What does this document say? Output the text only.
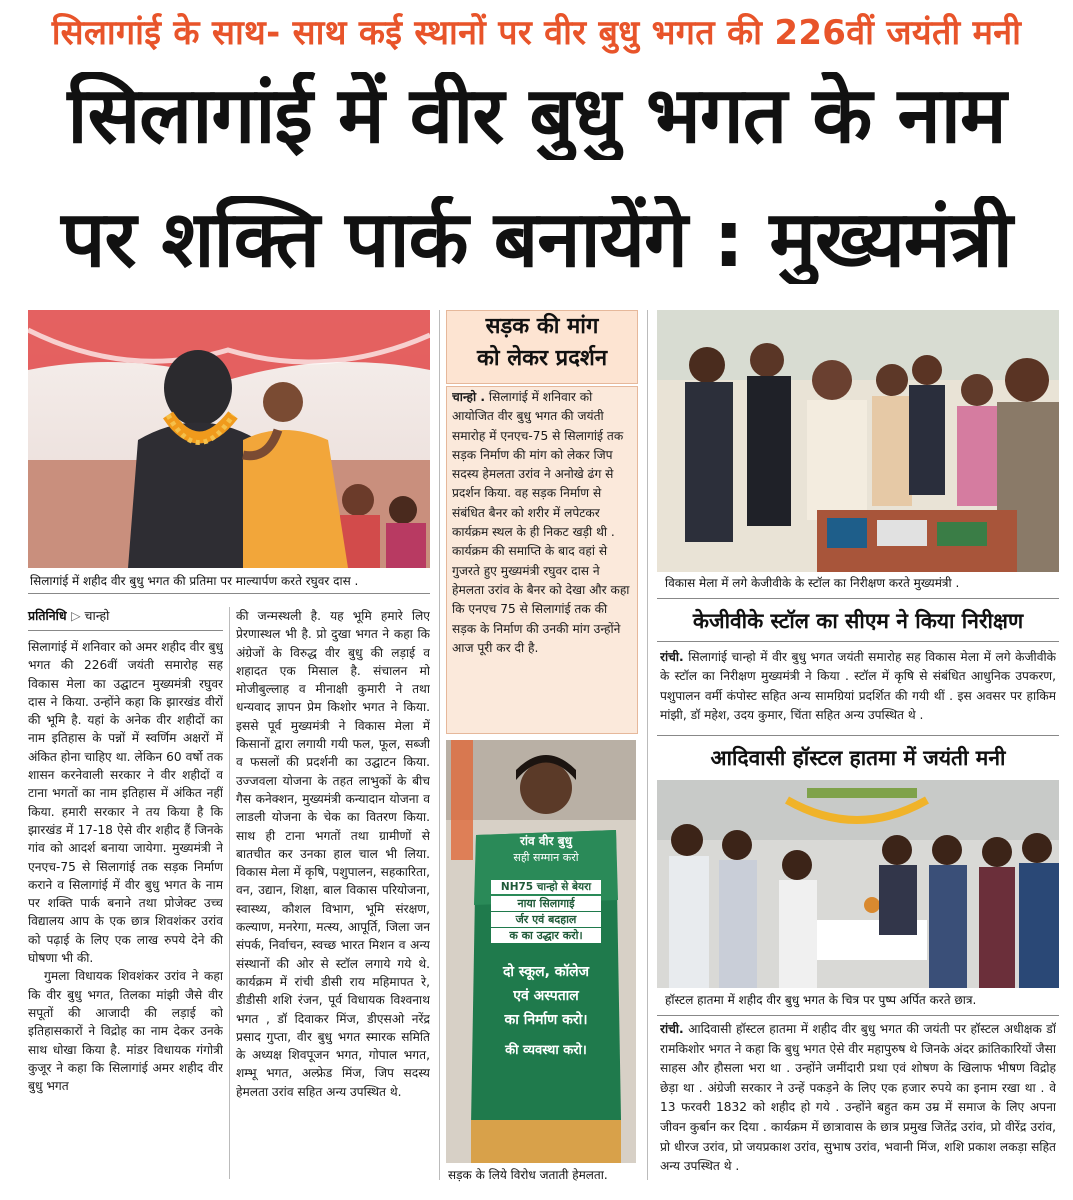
सिलागांई के साथ- साथ कई स्थानों पर वीर बुधु भगत की 226वीं जयंती मनी
सिलागांई में वीर बुधु भगत के नाम
पर शक्ति पार्क बनायेंगे : मुख्यमंत्री
सिलागांई में शहीद वीर बुधु भगत की प्रतिमा पर माल्यार्पण करते रघुवर दास .
प्रतिनिधि ▷ चान्हो

सिलागांई में शनिवार को अमर शहीद वीर बुधु भगत की 226वीं जयंती समारोह सह विकास मेला का उद्घाटन मुख्यमंत्री रघुवर दास ने किया. उन्होंने कहा कि झारखंड वीरों की भूमि है. यहां के अनेक वीर शहीदों का नाम इतिहास के पन्नों में स्वर्णिम अक्षरों में अंकित होना चाहिए था. लेकिन 60 वर्षो तक शासन करनेवाली सरकार ने वीर शहीदों व टाना भगतों का नाम इतिहास में अंकित नहीं किया. हमारी सरकार ने तय किया है कि झारखंड में 17-18 ऐसे वीर शहीद हैं जिनके गांव को आदर्श बनाया जायेगा. मुख्यमंत्री ने एनएच-75 से सिलागांई तक सड़क निर्माण कराने व सिलागांई में वीर बुधु भगत के नाम पर शक्ति पार्क बनाने तथा प्रोजेक्ट उच्च विद्यालय आप के एक छात्र शिवशंकर उरांव को पढ़ाई के लिए एक लाख रुपये देने की घोषणा भी की.

गुमला विधायक शिवशंकर उरांव ने कहा कि वीर बुधु भगत, तिलका मांझी जैसे वीर सपूतों की आजादी की लड़ाई को इतिहासकारों ने विद्रोह का नाम देकर उनके साथ धोखा किया है. मांडर विधायक गंगोत्री कुजूर ने कहा कि सिलागांई अमर शहीद वीर बुधु भगत

की जन्मस्थली है. यह भूमि हमारे लिए प्रेरणास्थल भी है. प्रो दुखा भगत ने कहा कि अंग्रेजों के विरुद्ध वीर बुधु की लड़ाई व शहादत एक मिसाल है. संचालन मो मोजीबुल्लाह व मीनाक्षी कुमारी ने तथा धन्यवाद ज्ञापन प्रेम किशोर भगत ने किया. इससे पूर्व मुख्यमंत्री ने विकास मेला में किसानों द्वारा लगायी गयी फल, फूल, सब्जी व फसलों की प्रदर्शनी का उद्घाटन किया. उज्जवला योजना के तहत लाभुकों के बीच गैस कनेक्शन, मुख्यमंत्री कन्यादान योजना व लाडली योजना के चेक का वितरण किया. साथ ही टाना भगतों तथा ग्रामीणों से बातचीत कर उनका हाल चाल भी लिया. विकास मेला में कृषि, पशुपालन, सहकारिता, वन, उद्यान, शिक्षा, बाल विकास परियोजना, स्वास्थ्य, कौशल विभाग, भूमि संरक्षण, कल्याण, मनरेगा, मत्स्य, आपूर्ति, जिला जन संपर्क, निर्वाचन, स्वच्छ भारत मिशन व अन्य संस्थानों की ओर से स्टॉल लगाये गये थे. कार्यक्रम में रांची डीसी राय महिमापत रे, डीडीसी शशि रंजन, पूर्व विधायक विश्वनाथ भगत , डॉ दिवाकर मिंज, डीएसओ नरेंद्र प्रसाद गुप्ता, वीर बुधु भगत स्मारक समिति के अध्यक्ष शिवपूजन भगत, गोपाल भगत, शम्भू भगत, अल्फ्रेड मिंज, जिप सदस्य हेमलता उरांव सहित अन्य उपस्थित थे.

सड़क की मांग
को लेकर प्रदर्शन

चान्हो . सिलागांई में शनिवार को आयोजित वीर बुधु भगत की जयंती समारोह में एनएच-75 से सिलागांई तक सड़क निर्माण की मांग को लेकर जिप सदस्य हेमलता उरांव ने अनोखे ढंग से प्रदर्शन किया. वह सड़क निर्माण से संबंधित बैनर को शरीर में लपेटकर कार्यक्रम स्थल के ही निकट खड़ी थी . कार्यक्रम की समाप्ति के बाद वहां से गुजरते हुए मुख्यमंत्री रघुवर दास ने हेमलता उरांव के बैनर को देखा और कहा कि एनएच 75 से सिलागांई तक की सड़क के निर्माण की उनकी मांग उन्होंने आज पूरी कर दी है.

रांव वीर बुधु
सही सम्मान करो
NH75 चान्हो से बेयरा
नाया सिलागाई
र्जर एवं बदहाल
क का उद्धार करो।
दो स्कूल, कॉलेज
एवं अस्पताल
का निर्माण करो।
की व्यवस्था करो।
सड़क के लिये विरोध जताती हेमलता.
विकास मेला में लगे केजीवीके के स्टॉल का निरीक्षण करते मुख्यमंत्री .
केजीवीके स्टॉल का सीएम ने किया निरीक्षण

रांची. सिलागांई चान्हो में वीर बुधु भगत जयंती समारोह सह विकास मेला में लगे केजीवीके के स्टॉल का निरीक्षण मुख्यमंत्री ने किया . स्टॉल में कृषि से संबंधित आधुनिक उपकरण, पशुपालन वर्मी कंपोस्ट सहित अन्य सामग्रियां प्रदर्शित की गयी थीं . इस अवसर पर हाकिम मांझी, डॉ महेश, उदय कुमार, चिंता सहित अन्य उपस्थित थे .

आदिवासी हॉस्टल हातमा में जयंती मनी
हॉस्टल हातमा में शहीद वीर बुधु भगत के चित्र पर पुष्प अर्पित करते छात्र.

रांची. आदिवासी हॉस्टल हातमा में शहीद वीर बुधु भगत की जयंती पर हॉस्टल अधीक्षक डॉ रामकिशोर भगत ने कहा कि बुधु भगत ऐसे वीर महापुरुष थे जिनके अंदर क्रांतिकारियों जैसा साहस और हौसला भरा था . उन्होंने जमींदारी प्रथा एवं शोषण के खिलाफ भीषण विद्रोह छेड़ा था . अंग्रेजी सरकार ने उन्हें पकड़ने के लिए एक हजार रुपये का इनाम रखा था . वे 13 फरवरी 1832 को शहीद हो गये . उन्होंने बहुत कम उम्र में समाज के लिए अपना जीवन कुर्बान कर दिया . कार्यक्रम में छात्रावास के छात्र प्रमुख जितेंद्र उरांव, प्रो वीरेंद्र उरांव, प्रो धीरज उरांव, प्रो जयप्रकाश उरांव, सुभाष उरांव, भवानी मिंज, शशि प्रकाश लकड़ा सहित अन्य उपस्थित थे .
